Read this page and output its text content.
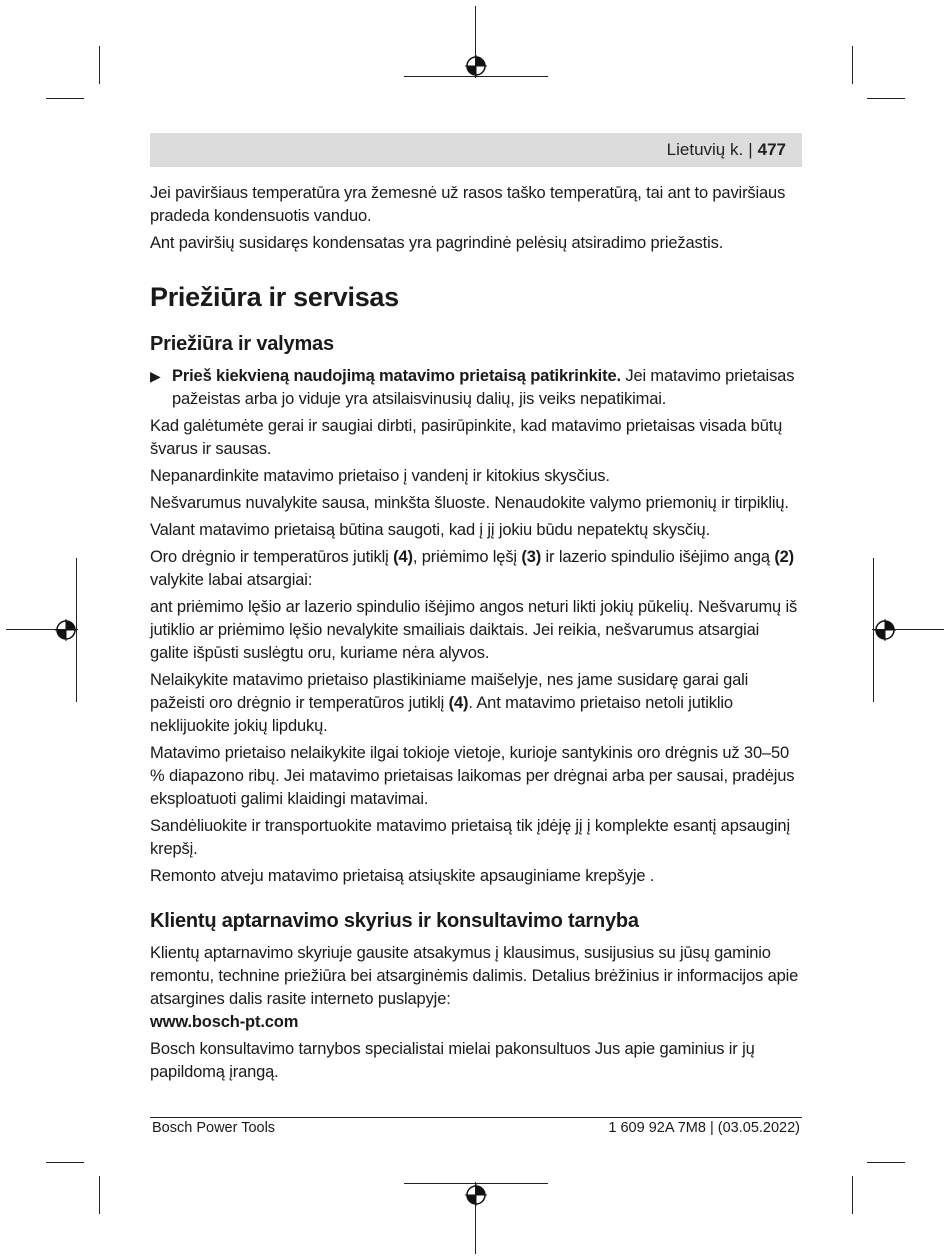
Lietuvių k. | 477

Jei paviršiaus temperatūra yra žemesnė už rasos taško temperatūrą, tai ant to paviršiaus pradeda kondensuotis vanduo.

Ant paviršių susidaręs kondensatas yra pagrindinė pelėsių atsiradimo priežastis.

Priežiūra ir servisas
Priežiūra ir valymas
▶ Prieš kiekvieną naudojimą matavimo prietaisą patikrinkite. Jei matavimo prietaisas pažeistas arba jo viduje yra atsilaisvinusių dalių, jis veiks nepatikimai.

Kad galėtumėte gerai ir saugiai dirbti, pasirūpinkite, kad matavimo prietaisas visada būtų švarus ir sausas.

Nepanardinkite matavimo prietaiso į vandenį ir kitokius skysčius.

Nešvarumus nuvalykite sausa, minkšta šluoste. Nenaudokite valymo priemonių ir tirpiklių.

Valant matavimo prietaisą būtina saugoti, kad į jį jokiu būdu nepatektų skysčių.

Oro drėgnio ir temperatūros jutiklį (4), priėmimo lęšį (3) ir lazerio spindulio išėjimo angą (2) valykite labai atsargiai:

ant priėmimo lęšio ar lazerio spindulio išėjimo angos neturi likti jokių pūkelių. Nešvarumų iš jutiklio ar priėmimo lęšio nevalykite smailiais daiktais. Jei reikia, nešvarumus atsargiai galite išpūsti suslėgtu oru, kuriame nėra alyvos.

Nelaikykite matavimo prietaiso plastikiniame maišelyje, nes jame susidarę garai gali pažeisti oro drėgnio ir temperatūros jutiklį (4). Ant matavimo prietaiso netoli jutiklio neklijuokite jokių lipdukų.

Matavimo prietaiso nelaikykite ilgai tokioje vietoje, kurioje santykinis oro drėgnis už 30–50 % diapazono ribų. Jei matavimo prietaisas laikomas per drėgnai arba per sausai, pradėjus eksploatuoti galimi klaidingi matavimai.

Sandėliuokite ir transportuokite matavimo prietaisą tik įdėję jį į komplekte esantį apsauginį krepšį.

Remonto atveju matavimo prietaisą atsiųskite apsauginiame krepšyje .

Klientų aptarnavimo skyrius ir konsultavimo tarnyba

Klientų aptarnavimo skyriuje gausite atsakymus į klausimus, susijusius su jūsų gaminio remontu, technine priežiūra bei atsarginėmis dalimis. Detalius brėžinius ir informacijos apie atsargines dalis rasite interneto puslapyje:

www.bosch-pt.com

Bosch konsultavimo tarnybos specialistai mielai pakonsultuos Jus apie gaminius ir jų papildomą įrangą.

Bosch Power Tools	1 609 92A 7M8 | (03.05.2022)
